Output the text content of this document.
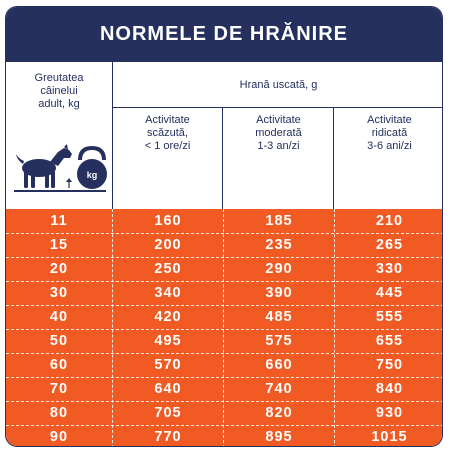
NORMELE DE HRĂNIRE
Greutatea
câinelui
adult, kg
kg
Hrană uscată, g
Activitate
scăzută,
< 1 ore/zi
Activitate
moderată
1-3 an/zi
Activitate
ridicată
3-6 ani/zi
11	160	185	210
15	200	235	265
20	250	290	330
30	340	390	445
40	420	485	555
50	495	575	655
60	570	660	750
70	640	740	840
80	705	820	930
90	770	895	1015
